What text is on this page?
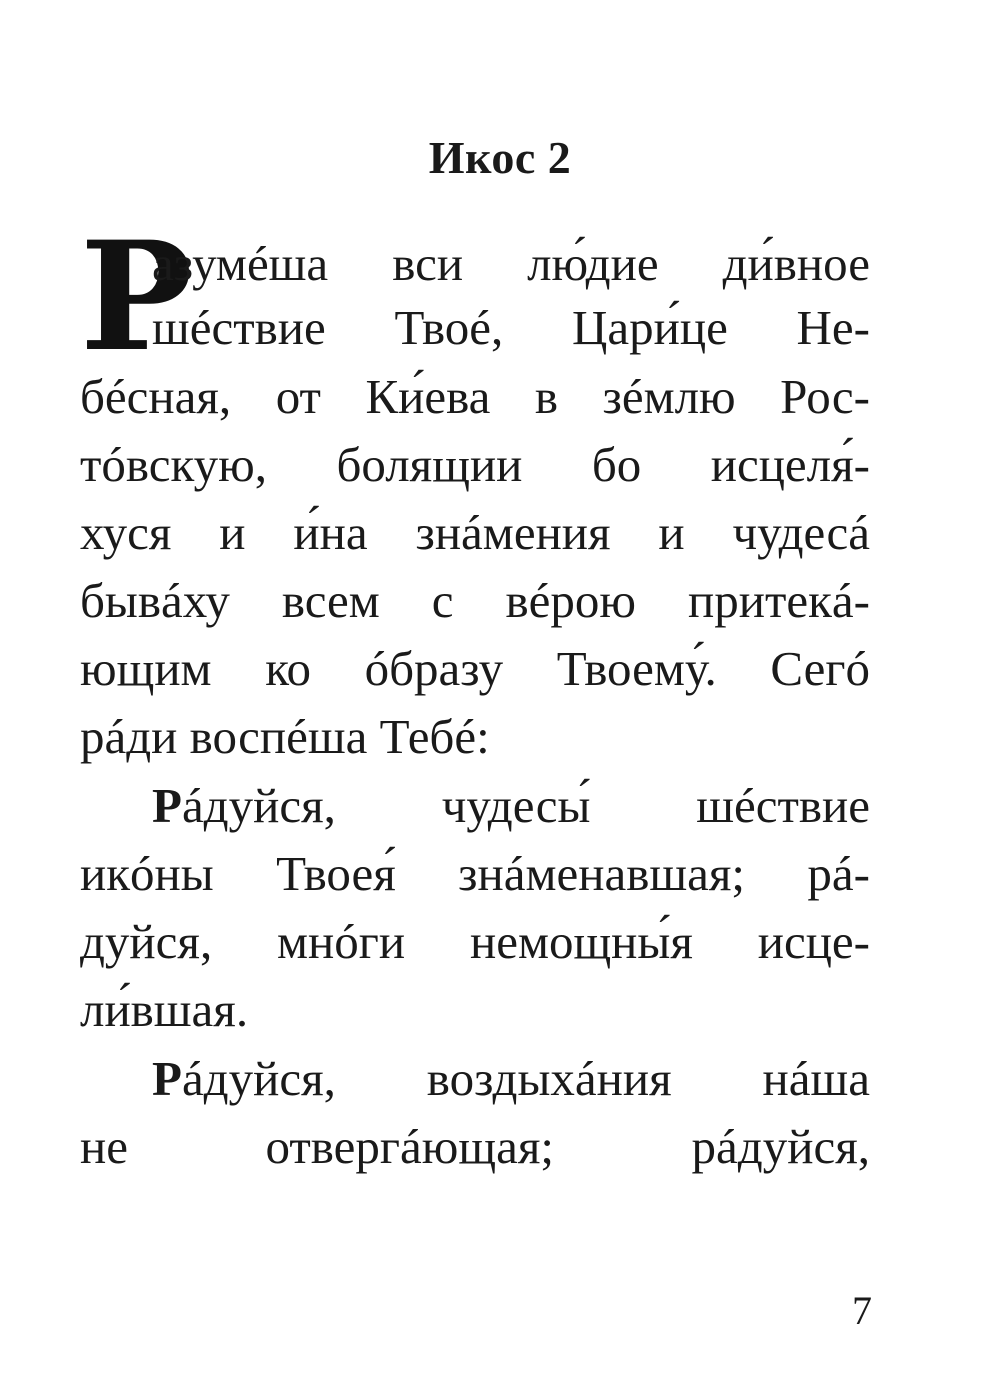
Икос 2
Р
азумéша вси лю́дие ди́вное
шéствие Твоé, Цари́це Не-
бéсная, от Ки́ева в зéмлю Рос-
тóвскую, болящии бо исцеля́-
хуся и и́на знáмения и чудесá
бывáху всем с вéрою притекá-
ющим ко óбразу Твоему́. Сегó
рáди воспéша Тебé:
Рáдуйся, чудесы́ шéствие
икóны Твоея́ знáменавшая; рá-
дуйся, мнóги немощны́я исце-
ли́вшая.
Рáдуйся, воздыхáния нáша
не отвергáющая; рáдуйся,
7
